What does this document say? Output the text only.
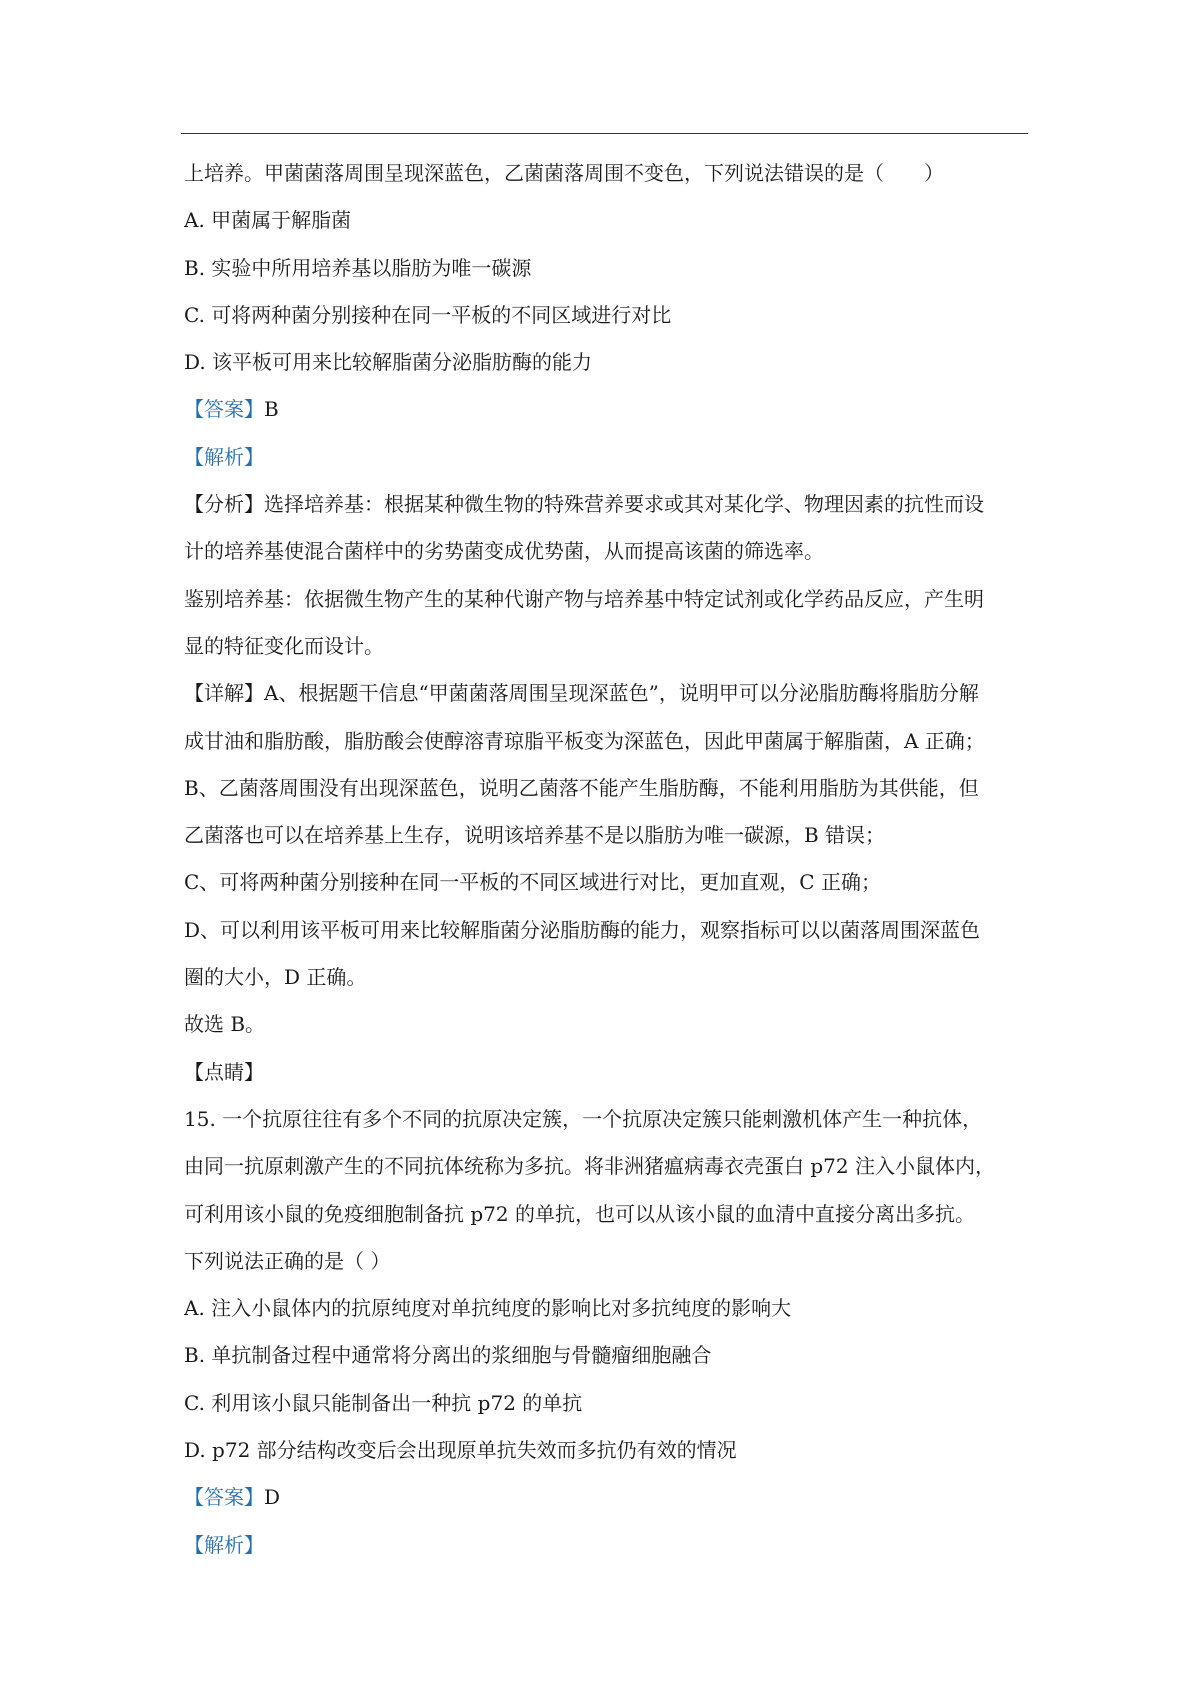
上培养。甲菌菌落周围呈现深蓝色，乙菌菌落周围不变色，下列说法错误的是（　　）
A. 甲菌属于解脂菌
B. 实验中所用培养基以脂肪为唯一碳源
C. 可将两种菌分别接种在同一平板的不同区域进行对比
D. 该平板可用来比较解脂菌分泌脂肪酶的能力
【答案】B
【解析】
【分析】选择培养基：根据某种微生物的特殊营养要求或其对某化学、物理因素的抗性而设
计的培养基使混合菌样中的劣势菌变成优势菌，从而提高该菌的筛选率。
鉴别培养基：依据微生物产生的某种代谢产物与培养基中特定试剂或化学药品反应，产生明
显的特征变化而设计。
【详解】A、根据题干信息“甲菌菌落周围呈现深蓝色”，说明甲可以分泌脂肪酶将脂肪分解
成甘油和脂肪酸，脂肪酸会使醇溶青琼脂平板变为深蓝色，因此甲菌属于解脂菌，A 正确；
B、乙菌落周围没有出现深蓝色，说明乙菌落不能产生脂肪酶，不能利用脂肪为其供能，但
乙菌落也可以在培养基上生存，说明该培养基不是以脂肪为唯一碳源，B 错误；
C、可将两种菌分别接种在同一平板的不同区域进行对比，更加直观，C 正确；
D、可以利用该平板可用来比较解脂菌分泌脂肪酶的能力，观察指标可以以菌落周围深蓝色
圈的大小，D 正确。
故选 B。
【点睛】
15. 一个抗原往往有多个不同的抗原决定簇，一个抗原决定簇只能刺激机体产生一种抗体，
由同一抗原刺激产生的不同抗体统称为多抗。将非洲猪瘟病毒衣壳蛋白 p72 注入小鼠体内，
可利用该小鼠的免疫细胞制备抗 p72 的单抗，也可以从该小鼠的血清中直接分离出多抗。
下列说法正确的是（ ）
A. 注入小鼠体内的抗原纯度对单抗纯度的影响比对多抗纯度的影响大
B. 单抗制备过程中通常将分离出的浆细胞与骨髓瘤细胞融合
C. 利用该小鼠只能制备出一种抗 p72 的单抗
D. p72 部分结构改变后会出现原单抗失效而多抗仍有效的情况
【答案】D
【解析】
